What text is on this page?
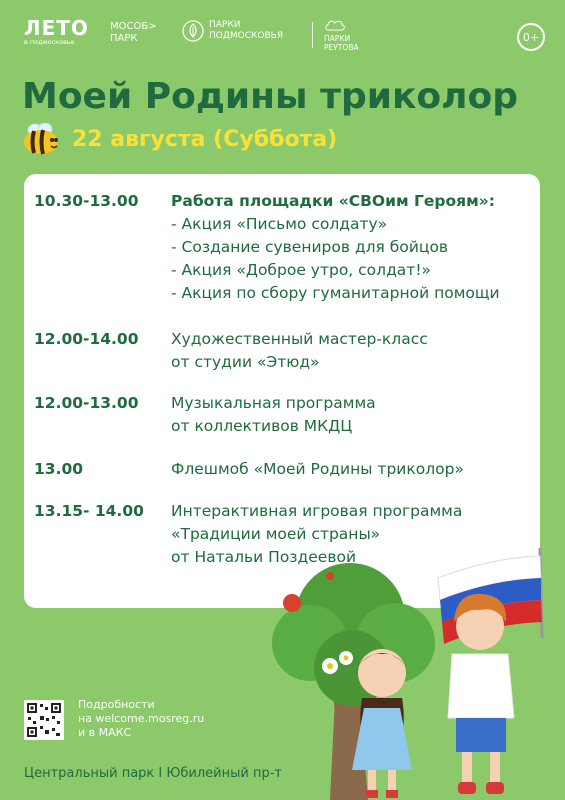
ЛЕТО
в подмосковье
МОСОБ>
ПАРК
ПАРКИ
ПОДМОСКОВЬЯ	ПАРКИ
РЕУТОВА
0+
Моей Родины триколор
22 августа (Суббота)
10.30-13.00	Работа площадки «СВОим Героям»:
- Акция «Письмо солдату»
- Создание сувениров для бойцов
- Акция «Доброе утро, солдат!»
- Акция по сбору гуманитарной помощи
12.00-14.00	Художественный мастер-класс
от студии «Этюд»
12.00-13.00	Музыкальная программа
от коллективов МКДЦ
13.00	Флешмоб «Моей Родины триколор»
13.15- 14.00	Интерактивная игровая программа
«Традиции моей страны»
от Натальи Поздеевой
Подробности
на welcome.mosreg.ru
и в МАКС
Центральный парк I Юбилейный пр-т
